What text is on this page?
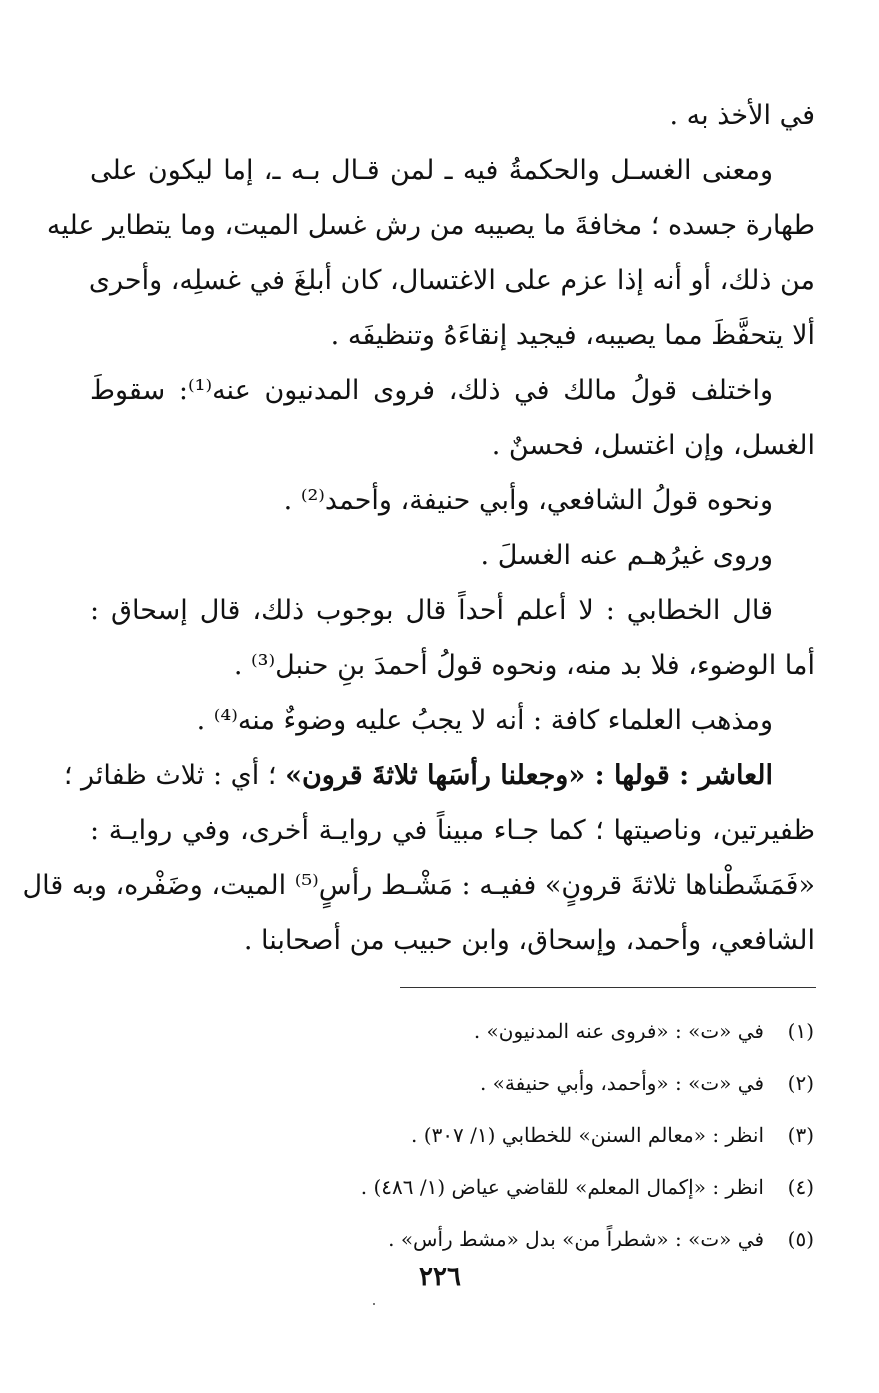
في الأخذ به .
ومعنى الغسـل والحكمةُ فيه ـ لمن قـال بـه ـ، إما ليكون على
طهارة جسده ؛ مخافةَ ما يصيبه من رش غسل الميت، وما يتطاير عليه
من ذلك، أو أنه إذا عزم على الاغتسال، كان أبلغَ في غسلِه، وأحرى
ألا يتحفَّظَ مما يصيبه، فيجيد إنقاءَهُ وتنظيفَه .
واختلف قولُ مالك في ذلك، فروى المدنيون عنه⁽¹⁾: سقوطَ
الغسل، وإن اغتسل، فحسنٌ .
ونحوه قولُ الشافعي، وأبي حنيفة، وأحمد⁽²⁾ .
وروى غيرُهـم عنه الغسلَ .
قال الخطابي : لا أعلم أحداً قال بوجوب ذلك، قال إسحاق :
أما الوضوء، فلا بد منه، ونحوه قولُ أحمدَ بنِ حنبل⁽³⁾ .
ومذهب العلماء كافة : أنه لا يجبُ عليه وضوءٌ منه⁽⁴⁾ .
العاشر : قولها : «وجعلنا رأسَها ثلاثةَ قرون» ؛ أي : ثلاث ظفائر ؛
ظفيرتين، وناصيتها ؛ كما جـاء مبيناً في روايـة أخرى، وفي روايـة :
«فَمَشَطْناها ثلاثةَ قرونٍ» ففيـه : مَشْـط رأسٍ⁽⁵⁾ الميت، وضَفْره، وبه قال
الشافعي، وأحمد، وإسحاق، وابن حبيب من أصحابنا .
(١)
في «ت» : «فروى عنه المدنيون» .
(٢)
في «ت» : «وأحمد، وأبي حنيفة» .
(٣)
انظر : «معالم السنن» للخطابي (١/ ٣٠٧) .
(٤)
انظر : «إكمال المعلم» للقاضي عياض (١/ ٤٨٦) .
(٥)
في «ت» : «شطراً من» بدل «مشط رأس» .
٢٢٦
